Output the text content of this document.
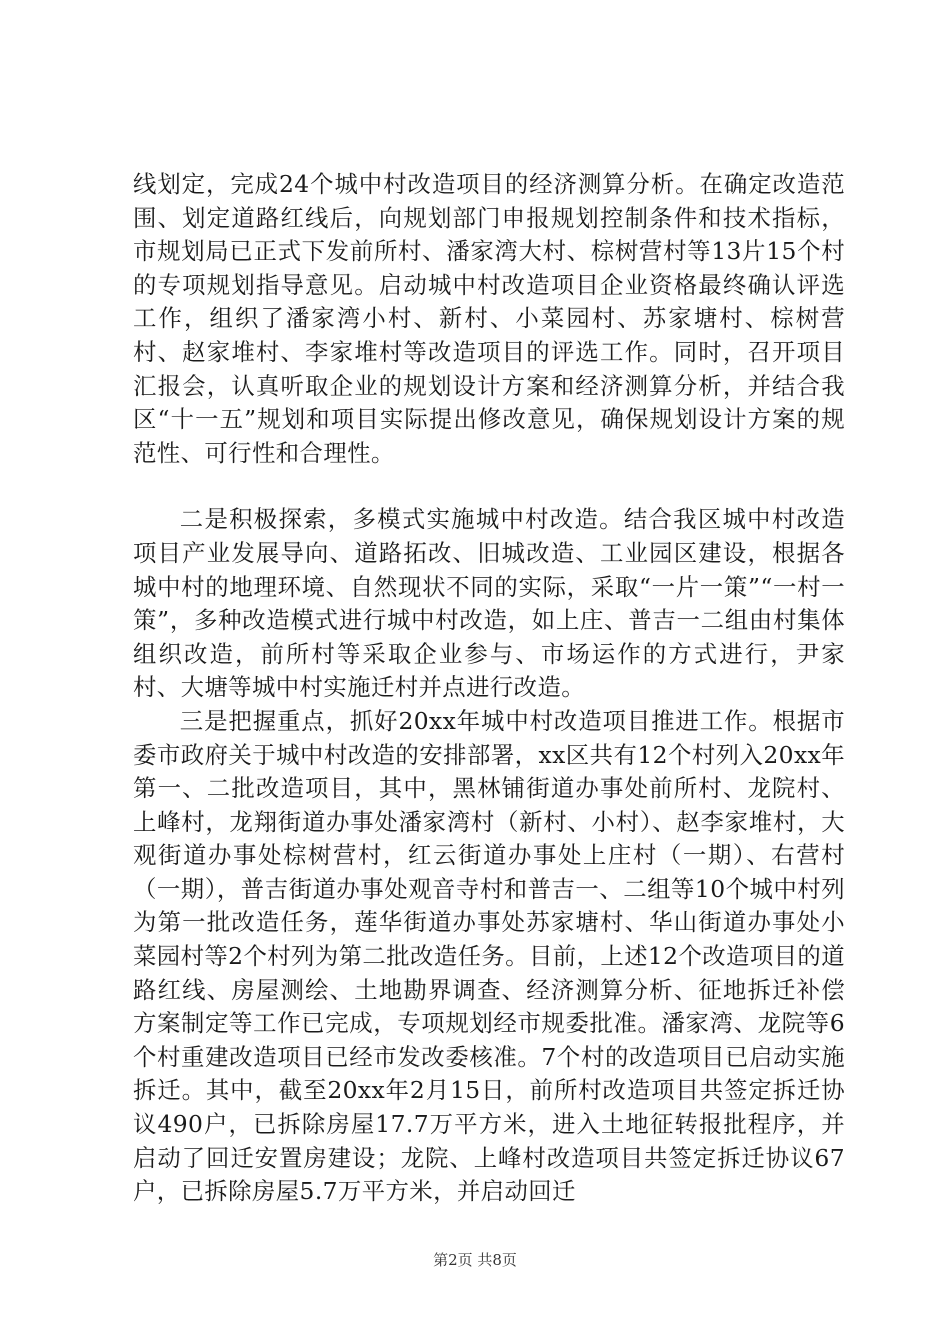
线划定，完成24个城中村改造项目的经济测算分析。在确定改造范围、划定道路红线后，向规划部门申报规划控制条件和技术指标，市规划局已正式下发前所村、潘家湾大村、棕树营村等13片15个村的专项规划指导意见。启动城中村改造项目企业资格最终确认评选工作，组织了潘家湾小村、新村、小菜园村、苏家塘村、棕树营村、赵家堆村、李家堆村等改造项目的评选工作。同时，召开项目汇报会，认真听取企业的规划设计方案和经济测算分析，并结合我区“十一五”规划和项目实际提出修改意见，确保规划设计方案的规范性、可行性和合理性。

二是积极探索，多模式实施城中村改造。结合我区城中村改造项目产业发展导向、道路拓改、旧城改造、工业园区建设，根据各城中村的地理环境、自然现状不同的实际，采取“一片一策”“一村一策”，多种改造模式进行城中村改造，如上庄、普吉一二组由村集体组织改造，前所村等采取企业参与、市场运作的方式进行，尹家村、大塘等城中村实施迁村并点进行改造。

三是把握重点，抓好20xx年城中村改造项目推进工作。根据市委市政府关于城中村改造的安排部署，xx区共有12个村列入20xx年第一、二批改造项目，其中，黑林铺街道办事处前所村、龙院村、上峰村，龙翔街道办事处潘家湾村（新村、小村）、赵李家堆村，大观街道办事处棕树营村，红云街道办事处上庄村（一期）、右营村（一期），普吉街道办事处观音寺村和普吉一、二组等10个城中村列为第一批改造任务，莲华街道办事处苏家塘村、华山街道办事处小菜园村等2个村列为第二批改造任务。目前，上述12个改造项目的道路红线、房屋测绘、土地勘界调查、经济测算分析、征地拆迁补偿方案制定等工作已完成，专项规划经市规委批准。潘家湾、龙院等6个村重建改造项目已经市发改委核准。7个村的改造项目已启动实施拆迁。其中，截至20xx年2月15日，前所村改造项目共签定拆迁协议490户，已拆除房屋17.7万平方米，进入土地征转报批程序，并启动了回迁安置房建设；龙院、上峰村改造项目共签定拆迁协议67户，已拆除房屋5.7万平方米，并启动回迁

第2页 共8页
